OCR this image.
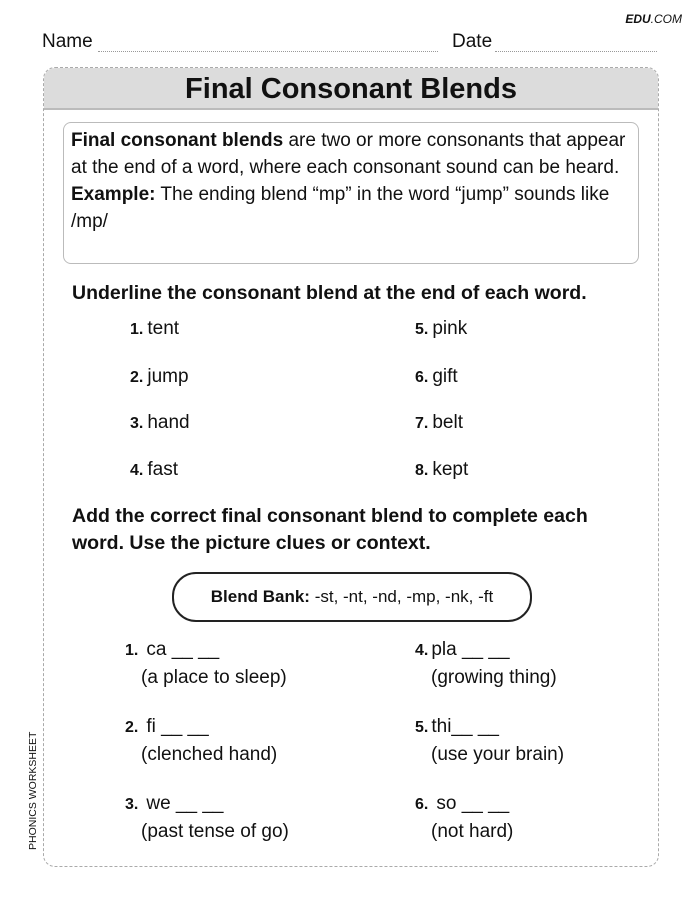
EDU.COM
Name	Date
Final Consonant Blends
Final consonant blends are two or more consonants that appear at the end of a word, where each consonant sound can be heard.
Example: The ending blend “mp” in the word “jump” sounds like /mp/
Underline the consonant blend at the end of each word.
1. tent
2. jump
3. hand
4. fast
5. pink
6. gift
7. belt
8. kept
Add the correct final consonant blend to complete each word. Use the picture clues or context.
Blend Bank: -st, -nt, -nd, -mp, -nk, -ft
1. ca __ __
(a place to sleep)
2. fi __ __
(clenched hand)
3. we __ __
(past tense of go)
4. pla __ __
(growing thing)
5. thi__ __
(use your brain)
6. so __ __
(not hard)
PHONICS WORKSHEET
